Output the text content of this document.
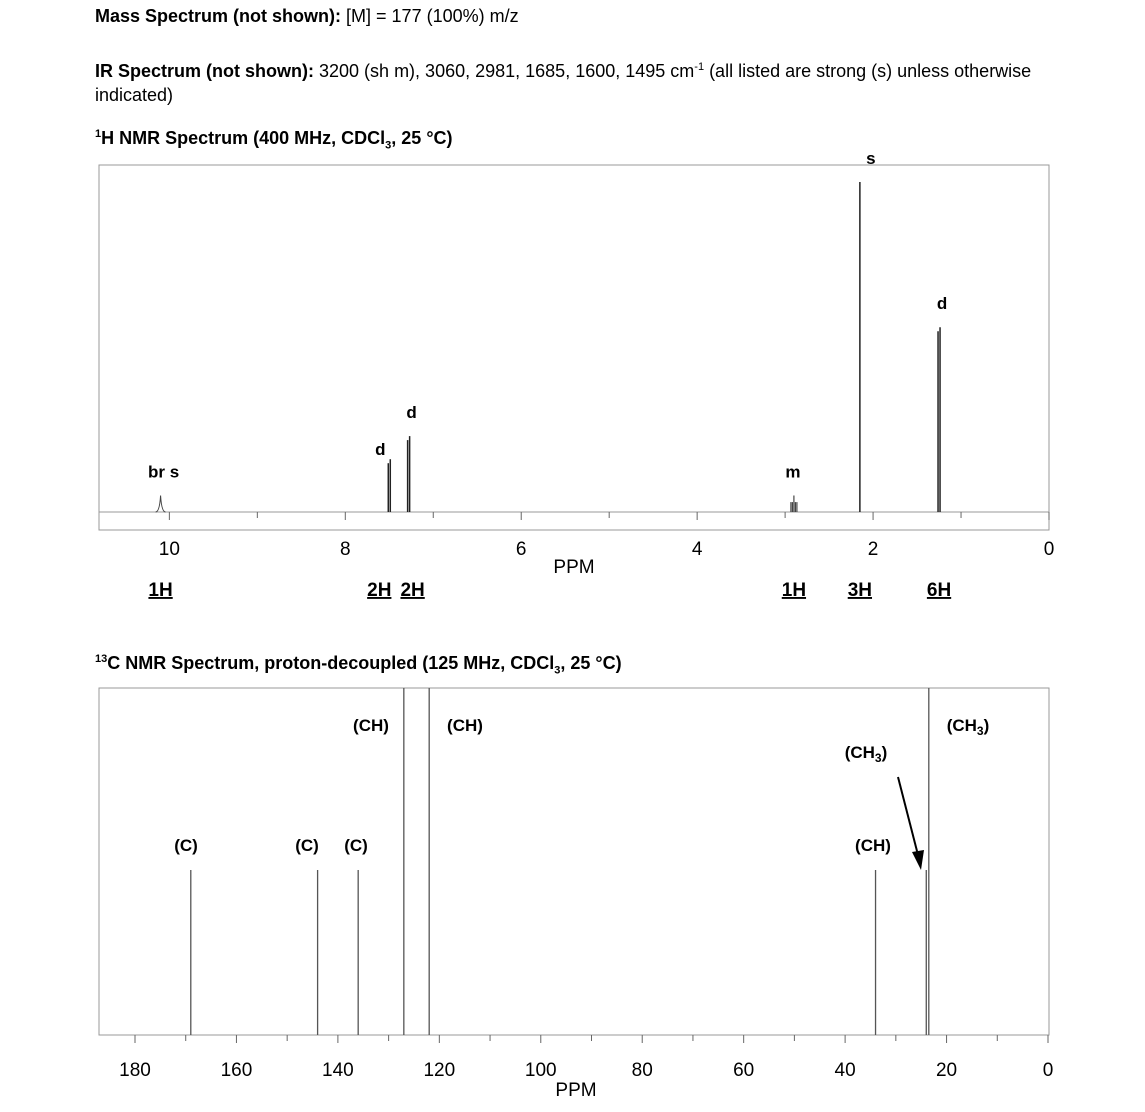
Mass Spectrum (not shown): [M] = 177 (100%) m/z
IR Spectrum (not shown): 3200 (sh m), 3060, 2981, 1685, 1600, 1495 $cm^{-1}$ (all listed are strong (s) unless otherwise
indicated)
$^1$H NMR Spectrum (400 MHz, CDCl$_3$, 25 °C)
$^{13}$C NMR Spectrum, proton-decoupled (125 MHz, CDCl$_3$, 25 °C)
10	8	6	4	2	0
br s
1H
d
2H
d
2H
m
1H
s
3H
d
6H
PPM
180	160	140	120	100	80	60	40	20	0
(C)	(C) (C)
(CH)	(CH)
(CH)
$(CH_3)$
$(CH_3)$
PPM
